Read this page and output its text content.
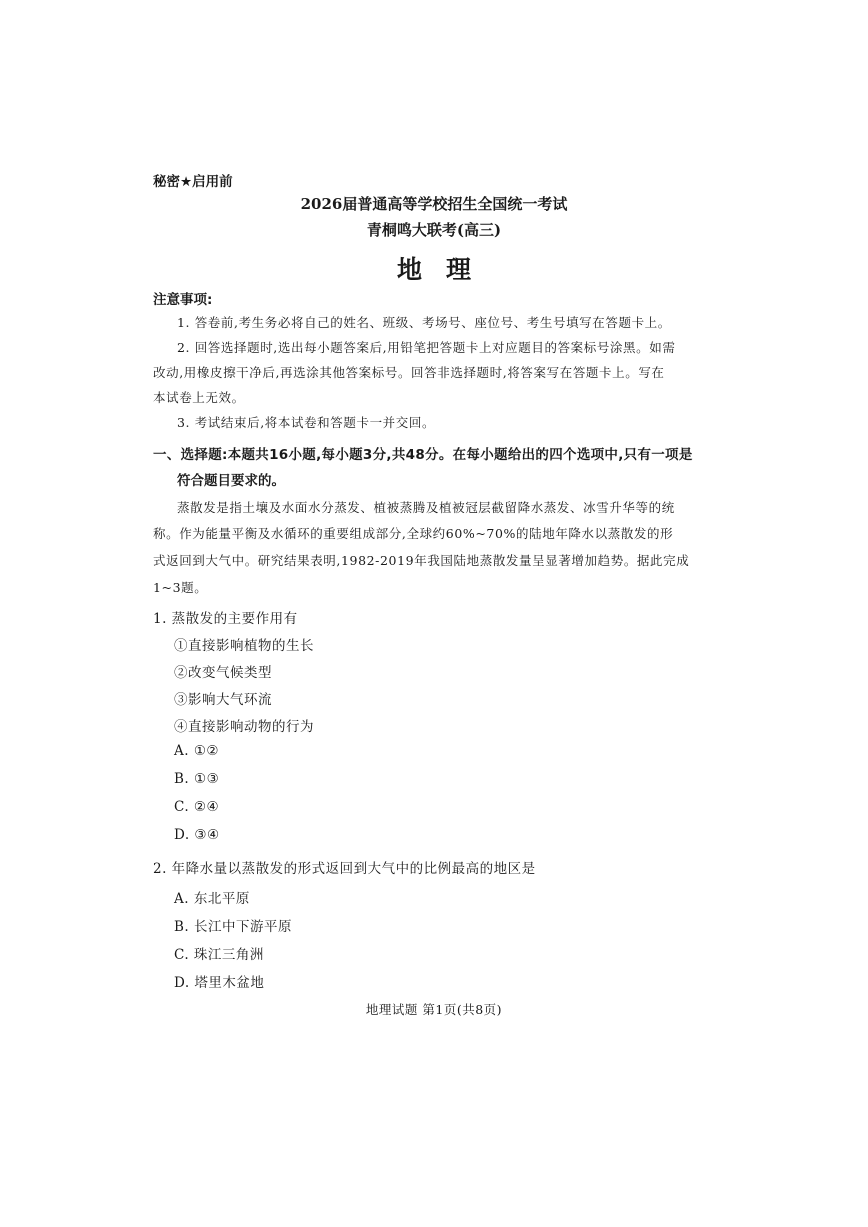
秘密★启用前
2026届普通高等学校招生全国统一考试
青桐鸣大联考(高三)
地理
注意事项:
1. 答卷前,考生务必将自己的姓名、班级、考场号、座位号、考生号填写在答题卡上。
2. 回答选择题时,选出每小题答案后,用铅笔把答题卡上对应题目的答案标号涂黑。如需
改动,用橡皮擦干净后,再选涂其他答案标号。回答非选择题时,将答案写在答题卡上。写在
本试卷上无效。
3. 考试结束后,将本试卷和答题卡一并交回。
一、选择题:本题共16小题,每小题3分,共48分。在每小题给出的四个选项中,只有一项是
符合题目要求的。
蒸散发是指土壤及水面水分蒸发、植被蒸腾及植被冠层截留降水蒸发、冰雪升华等的统
称。作为能量平衡及水循环的重要组成部分,全球约60%~70%的陆地年降水以蒸散发的形
式返回到大气中。研究结果表明,1982-2019年我国陆地蒸散发量呈显著增加趋势。据此完成
1~3题。
1. 蒸散发的主要作用有
①直接影响植物的生长
②改变气候类型
③影响大气环流
④直接影响动物的行为
A. ①②
B. ①③
C. ②④
D. ③④
2. 年降水量以蒸散发的形式返回到大气中的比例最高的地区是
A. 东北平原
B. 长江中下游平原
C. 珠江三角洲
D. 塔里木盆地
地理试题 第1页(共8页)
